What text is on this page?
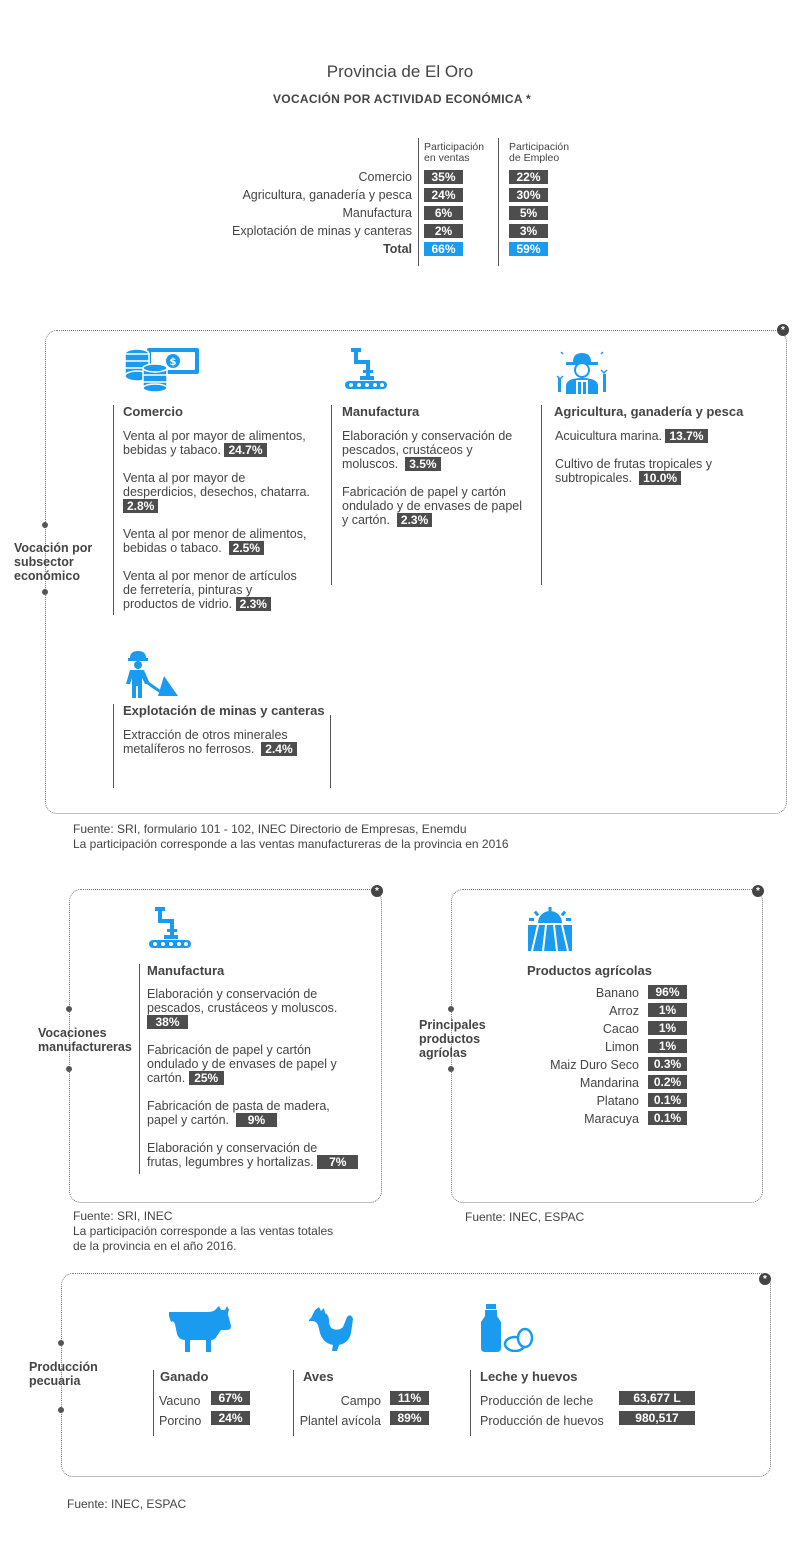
Provincia de El Oro
VOCACIÓN POR ACTIVIDAD ECONÓMICA *
Participación
en ventas
Participación
de Empleo
Comercio	35%	22%
Agricultura, ganadería y pesca	24%	30%
Manufactura	6%	5%
Explotación de minas y canteras	2%	3%
Total	66%	59%
*
Vocación por
subsector
económico
$
Comercio
Venta al por mayor de alimentos,
bebidas y tabaco. 24.7%
Venta al por mayor de
desperdicios, desechos, chatarra.
2.8%
Venta al por menor de alimentos,
bebidas o tabaco. 2.5%
Venta al por menor de artículos
de ferretería, pinturas y
productos de vidrio. 2.3%
Manufactura
Elaboración y conservación de
pescados, crustáceos y
moluscos. 3.5%
Fabricación de papel y cartón
ondulado y de envases de papel
y cartón. 2.3%
Agricultura, ganadería y pesca
Acuicultura marina. 13.7%
Cultivo de frutas tropicales y
subtropicales. 10.0%
Explotación de minas y canteras
Extracción de otros minerales
metalíferos no ferrosos. 2.4%
Fuente: SRI, formulario 101 - 102, INEC Directorio de Empresas, Enemdu
La participación corresponde a las ventas manufactureras de la provincia en 2016
*
Vocaciones
manufactureras
Manufactura
Elaboración y conservación de
pescados, crustáceos y moluscos.
38%
Fabricación de papel y cartón
ondulado y de envases de papel y
cartón. 25%
Fabricación de pasta de madera,
papel y cartón. 9%
Elaboración y conservación de
frutas, legumbres y hortalizas. 7%
Fuente: SRI, INEC
La participación corresponde a las ventas totales
de la provincia en el año 2016.
*
Principales
productos
agríolas
Productos agrícolas
Banano	96%
Arroz	1%
Cacao	1%
Limon	1%
Maiz Duro Seco	0.3%
Mandarina	0.2%
Platano	0.1%
Maracuya	0.1%
Fuente: INEC, ESPAC
*
Producción
pecuaria	Ganado
Vacuno	67%
Porcino	24%
Aves
Campo	11%
Plantel avícola	89%
Leche y huevos
Producción de leche	63,677 L
Producción de huevos	980,517
Fuente: INEC, ESPAC
